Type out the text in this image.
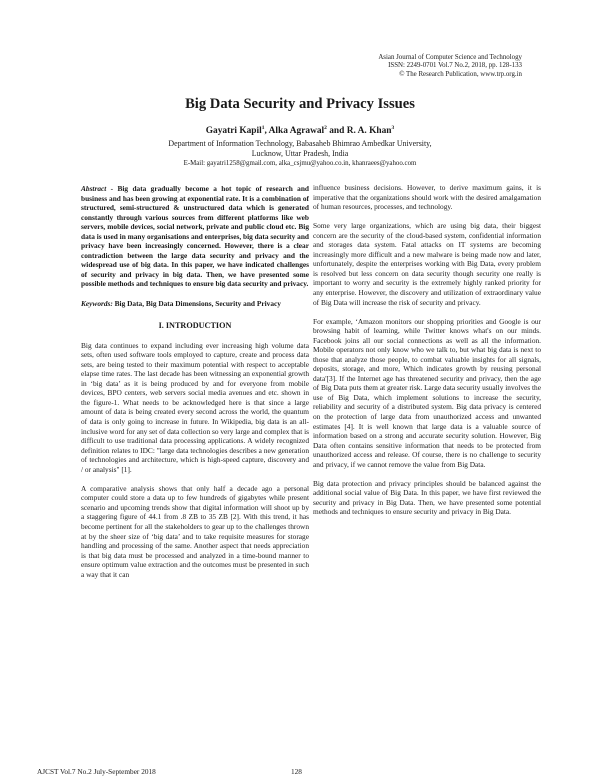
Asian Journal of Computer Science and Technology
ISSN: 2249-0701 Vol.7 No.2, 2018, pp. 128-133
© The Research Publication, www.trp.org.in
Big Data Security and Privacy Issues
Gayatri Kapil$^1$, Alka Agrawal$^2$ and R. A. Khan$^3$
Department of Information Technology, Babasaheb Bhimrao Ambedkar University,
Lucknow, Uttar Pradesh, India
E-Mail: gayatri1258@gmail.com, alka_csjmu@yahoo.co.in, khanraees@yahoo.com

Abstract - Big data gradually become a hot topic of research and business and has been growing at exponential rate. It is a combination of structured, semi-structured & unstructured data which is generated constantly through various sources from different platforms like web servers, mobile devices, social network, private and public cloud etc. Big data is used in many organisations and enterprises, big data security and privacy have been increasingly concerned. However, there is a clear contradiction between the large data security and privacy and the widespread use of big data. In this paper, we have indicated challenges of security and privacy in big data. Then, we have presented some possible methods and techniques to ensure big data security and privacy.

Keywords: Big Data, Big Data Dimensions, Security and Privacy

I. INTRODUCTION

Big data continues to expand including ever increasing high volume data sets, often used software tools employed to capture, create and process data sets, are being tested to their maximum potential with respect to acceptable elapse time rates. The last decade has been witnessing an exponential growth in ‘big data’ as it is being produced by and for everyone from mobile devices, BPO centers, web servers social media avenues and etc. shown in the figure-1. What needs to be acknowledged here is that since a large amount of data is being created every second across the world, the quantum of data is only going to increase in future. In Wikipedia, big data is an all-inclusive word for any set of data collection so very large and complex that is difficult to use traditional data processing applications. A widely recognized definition relates to IDC: "large data technologies describes a new generation of technologies and architecture, which is high-speed capture, discovery and / or analysis" [1].

A comparative analysis shows that only half a decade ago a personal computer could store a data up to few hundreds of gigabytes while present scenario and upcoming trends show that digital information will shoot up by a staggering figure of 44.1 from .8 ZB to 35 ZB [2]. With this trend, it has become pertinent for all the stakeholders to gear up to the challenges thrown at by the sheer size of ‘big data’ and to take requisite measures for storage handling and processing of the same. Another aspect that needs appreciation is that big data must be processed and analyzed in a time-bound manner to ensure optimum value extraction and the outcomes must be presented in such a way that it can

influence business decisions. However, to derive maximum gains, it is imperative that the organizations should work with the desired amalgamation of human resources, processes, and technology.

Some very large organizations, which are using big data, their biggest concern are the security of the cloud-based system, confidential information and storages data system. Fatal attacks on IT systems are becoming increasingly more difficult and a new malware is being made now and later, unfortunately, despite the enterprises working with Big Data, every problem is resolved but less concern on data security though security one really is important to worry and security is the extremely highly ranked priority for any enterprise. However, the discovery and utilization of extraordinary value of Big Data will increase the risk of security and privacy.

For example, ‘Amazon monitors our shopping priorities and Google is our browsing habit of learning, while Twitter knows what's on our minds. Facebook joins all our social connections as well as all the information. Mobile operators not only know who we talk to, but what big data is next to those that analyze those people, to combat valuable insights for all signals, deposits, storage, and more, Which indicates growth by reusing personal data'[3]. If the Internet age has threatened security and privacy, then the age of Big Data puts them at greater risk. Large data security usually involves the use of Big Data, which implement solutions to increase the security, reliability and security of a distributed system. Big data privacy is centered on the protection of large data from unauthorized access and unwanted estimates [4]. It is well known that large data is a valuable source of information based on a strong and accurate security solution. However, Big Data often contains sensitive information that needs to be protected from unauthorized access and release. Of course, there is no challenge to security and privacy, if we cannot remove the value from Big Data.

Big data protection and privacy principles should be balanced against the additional social value of Big Data. In this paper, we have first reviewed the security and privacy in Big Data. Then, we have presented some potential methods and techniques to ensure security and privacy in Big Data.

AJCST Vol.7 No.2 July-September 2018	128
